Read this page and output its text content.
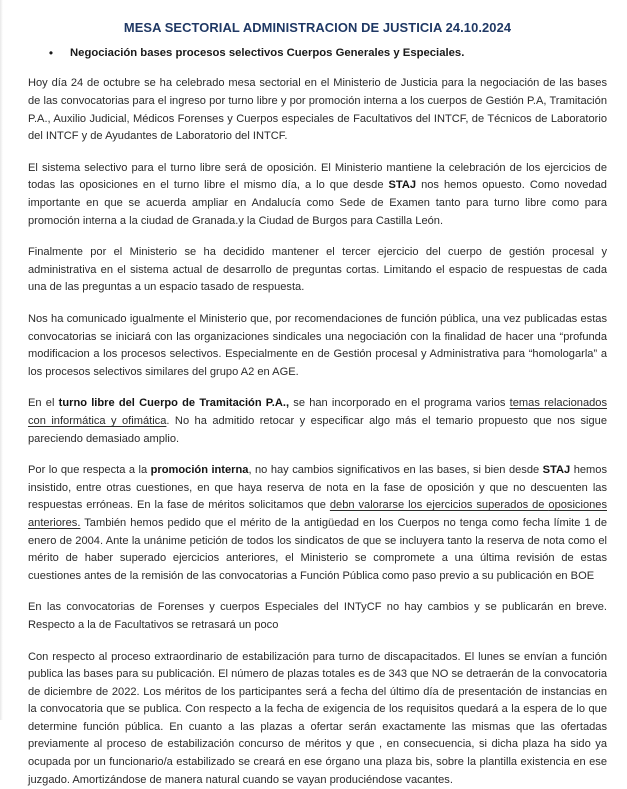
MESA SECTORIAL ADMINISTRACION DE JUSTICIA 24.10.2024
• Negociación bases procesos selectivos Cuerpos Generales y Especiales.

Hoy día 24 de octubre se ha celebrado mesa sectorial en el Ministerio de Justicia para la negociación de las bases de las convocatorias para el ingreso por turno libre y por promoción interna a los cuerpos de Gestión P.A, Tramitación P.A., Auxilio Judicial, Médicos Forenses y Cuerpos especiales de Facultativos del INTCF, de Técnicos de Laboratorio del INTCF y de Ayudantes de Laboratorio del INTCF.

El sistema selectivo para el turno libre será de oposición. El Ministerio mantiene la celebración de los ejercicios de todas las oposiciones en el turno libre el mismo día, a lo que desde STAJ nos hemos opuesto. Como novedad importante en que se acuerda ampliar en Andalucía como Sede de Examen tanto para turno libre como para promoción interna a la ciudad de Granada.y la Ciudad de Burgos para Castilla León.

Finalmente por el Ministerio se ha decidido mantener el tercer ejercicio del cuerpo de gestión procesal y administrativa en el sistema actual de desarrollo de preguntas cortas. Limitando el espacio de respuestas de cada una de las preguntas a un espacio tasado de respuesta.

Nos ha comunicado igualmente el Ministerio que, por recomendaciones de función pública, una vez publicadas estas convocatorias se iniciará con las organizaciones sindicales una negociación con la finalidad de hacer una “profunda modificacion a los procesos selectivos. Especialmente en de Gestión procesal y Administrativa para “homologarla” a los procesos selectivos similares del grupo A2 en AGE.

En el turno libre del Cuerpo de Tramitación P.A., se han incorporado en el programa varios temas relacionados con informática y ofimática. No ha admitido retocar y especificar algo más el temario propuesto que nos sigue pareciendo demasiado amplio.

Por lo que respecta a la promoción interna, no hay cambios significativos en las bases, si bien desde STAJ hemos insistido, entre otras cuestiones, en que haya reserva de nota en la fase de oposición y que no descuenten las respuestas erróneas. En la fase de méritos solicitamos que debn valorarse los ejercicios superados de oposiciones anteriores. También hemos pedido que el mérito de la antigüedad en los Cuerpos no tenga como fecha límite 1 de enero de 2004. Ante la unánime petición de todos los sindicatos de que se incluyera tanto la reserva de nota como el mérito de haber superado ejercicios anteriores, el Ministerio se compromete a una última revisión de estas cuestiones antes de la remisión de las convocatorias a Función Pública como paso previo a su publicación en BOE

En las convocatorias de Forenses y cuerpos Especiales del INTyCF no hay cambios y se publicarán en breve. Respecto a la de Facultativos se retrasará un poco

Con respecto al proceso extraordinario de estabilización para turno de discapacitados. El lunes se envían a función publica las bases para su publicación. El número de plazas totales es de 343 que NO se detraerán de la convocatoria de diciembre de 2022. Los méritos de los participantes será a fecha del último día de presentación de instancias en la convocatoria que se publica. Con respecto a la fecha de exigencia de los requisitos quedará a la espera de lo que determine función pública. En cuanto a las plazas a ofertar serán exactamente las mismas que las ofertadas previamente al proceso de estabilización concurso de méritos y que , en consecuencia, si dicha plaza ha sido ya ocupada por un funcionario/a estabilizado se creará en ese órgano una plaza bis, sobre la plantilla existencia en ese juzgado. Amortizándose de manera natural cuando se vayan produciéndose vacantes.
